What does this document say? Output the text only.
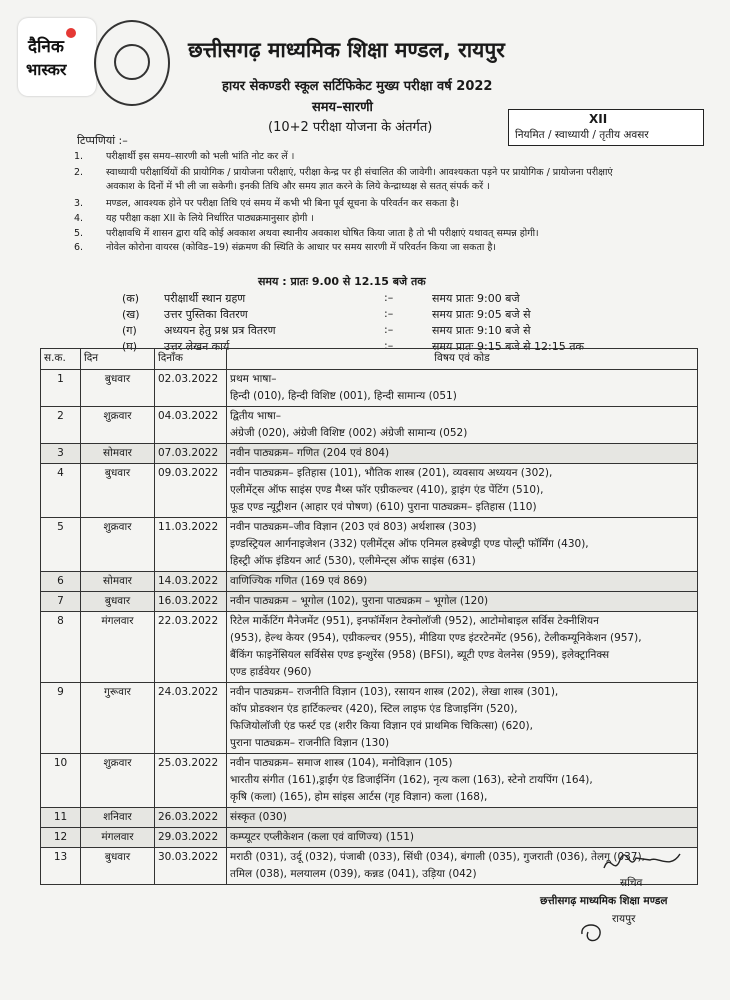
दैनिक
भास्कर
छत्तीसगढ़ माध्यमिक शिक्षा मण्डल, रायपुर
हायर सेकण्डरी स्कूल सर्टिफिकेट मुख्य परीक्षा वर्ष 2022
समय–सारणी
(10+2 परीक्षा योजना के अंतर्गत)
XII
नियमित / स्वाध्यायी / तृतीय अवसर
टिप्पणियां :–
1.	परीक्षार्थी इस समय–सारणी को भली भांति नोट कर लें ।
2.	स्वाध्यायी परीक्षार्थियों की प्रायोगिक / प्रायोजना परीक्षाएं, परीक्षा केन्द्र पर ही संचालित की जावेगी। आवश्यकता पड़ने पर प्रायोगिक / प्रायोजना परीक्षाएं
अवकाश के दिनों में भी ली जा सकेगी। इनकी तिथि और समय ज्ञात करने के लिये केन्द्राध्यक्ष से सतत् संपर्क करें ।
3.	मण्डल, आवश्यक होने पर परीक्षा तिथि एवं समय में कभी भी बिना पूर्व सूचना के परिवर्तन कर सकता है।
4.	यह परीक्षा कक्षा XII के लिये निर्धारित पाठ्यक्रमानुसार होगी ।
5.	परीक्षावधि में शासन द्वारा यदि कोई अवकाश अथवा स्थानीय अवकाश घोषित किया जाता है तो भी परीक्षाएं यथावत् सम्पन्न होगी।
6.	नोवेल कोरोना वायरस (कोविड–19) संक्रमण की स्थिति के आधार पर समय सारणी में परिवर्तन किया जा सकता है।
समय : प्रातः 9.00 से 12.15 बजे तक
(क) परीक्षार्थी स्थान ग्रहण	:–	समय प्रातः 9:00 बजे
(ख) उत्तर पुस्तिका वितरण	:–	समय प्रातः 9:05 बजे से
(ग) अध्ययन हेतु प्रश्न प्रत्र वितरण	:–	समय प्रातः 9:10 बजे से
(घ) उत्तर लेखन कार्य	:–	समय प्रातः 9:15 बजे से 12:15 तक
स.क.	दिन	दिनाँक	विषय एवं कोड
1	बुधवार	02.03.2022	प्रथम भाषा–
हिन्दी (010), हिन्दी विशिष्ट (001), हिन्दी सामान्य (051)

2	शुक्रवार	04.03.2022	द्वितीय भाषा–
अंग्रेजी (020), अंग्रेजी विशिष्ट (002) अंग्रेजी सामान्य (052)

3	सोमवार	07.03.2022	नवीन पाठ्यक्रम– गणित (204 एवं 804)

4	बुधवार	09.03.2022	नवीन पाठ्यक्रम– इतिहास (101), भौतिक शास्त्र (201), व्यवसाय अध्ययन (302),
एलीमेंट्स ऑफ साइंस एण्ड मैथ्स फॉर एग्रीकल्चर (410), ड्राइंग एंड पेंटिंग (510),
फूड एण्ड न्यूट्रीशन (आहार एवं पोषण) (610) पुराना पाठ्यक्रम– इतिहास (110)

5	शुक्रवार	11.03.2022	नवीन पाठ्यक्रम–जीव विज्ञान (203 एवं 803) अर्थशास्त्र (303)
इण्डस्ट्रियल आर्गनाइजेशन (332) एलीमेंट्स ऑफ एनिमल हस्बेण्ड्री एण्ड पोल्ट्री फॉर्मिंग (430),
हिस्ट्री ऑफ इंडियन आर्ट (530), एलीमेन्ट्स ऑफ साइंस (631)

6	सोमवार	14.03.2022	वाणिज्यिक गणित (169 एवं 869)

7	बुधवार	16.03.2022	नवीन पाठ्यक्रम – भूगोल (102), पुराना पाठ्यक्रम – भूगोल (120)

8	मंगलवार	22.03.2022	रिटेल मार्केटिंग मैनेजमेंट (951), इनफॉर्मेशन टेक्नोलॉजी (952), आटोमोबाइल सर्विस टेक्नीशियन
(953), हेल्थ केयर (954), एग्रीकल्चर (955), मीडिया एण्ड इंटरटेनमेंट (956), टेलीकम्यूनिकेशन (957),
बैंकिंग फाइनेंसियल सर्विसेस एण्ड इन्शुरेंस (958) (BFSI), ब्यूटी एण्ड वेलनेस (959), इलेक्ट्रानिक्स
एण्ड हार्डवेयर (960)

9	गुरूवार	24.03.2022	नवीन पाठ्यक्रम– राजनीति विज्ञान (103), रसायन शास्त्र (202), लेखा शास्त्र (301),
कॉप प्रोडक्शन एंड हार्टिकल्चर (420), स्टिल लाइफ एंड डिजाइनिंग (520),
फिजियोलॉजी एंड फर्स्ट एड (शरीर किया विज्ञान एवं प्राथमिक चिकित्सा) (620),
पुराना पाठ्यक्रम– राजनीति विज्ञान (130)

10	शुक्रवार	25.03.2022	नवीन पाठ्यक्रम– समाज शास्त्र (104), मनोविज्ञान (105)
भारतीय संगीत (161),ड्राईंग एंड डिजाईनिंग (162), नृत्य कला (163), स्टेनो टायपिंग (164),
कृषि (कला) (165), होम सांइस आर्टस (गृह विज्ञान) कला (168),

11	शनिवार	26.03.2022	संस्कृत (030)

12	मंगलवार	29.03.2022	कम्प्यूटर एप्लीकेशन (कला एवं वाणिज्य) (151)

13	बुधवार	30.03.2022	मराठी (031), उर्दू (032), पंजाबी (033), सिंधी (034), बंगाली (035), गुजराती (036), तेलगू (037),
तमिल (038), मलयालम (039), कन्नड (041), उड़िया (042)
सचिव
छत्तीसगढ़ माध्यमिक शिक्षा मण्डल
रायपुर
